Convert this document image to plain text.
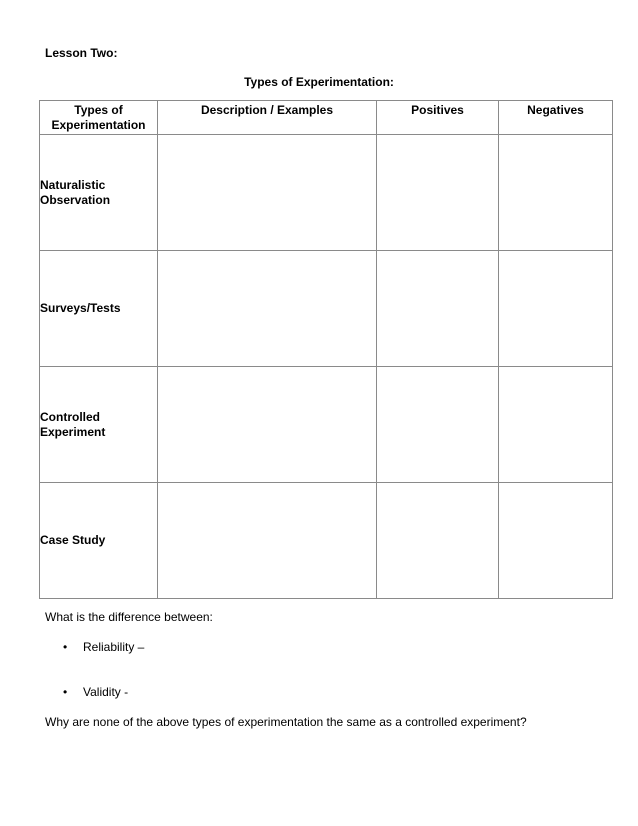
Lesson Two:
Types of Experimentation:
Types of Experimentation	Description / Examples	Positives	Negatives

Naturalistic Observation			

Surveys/Tests			

Controlled Experiment			

Case Study			
What is the difference between:
• Reliability –
• Validity -
Why are none of the above types of experimentation the same as a controlled experiment?
